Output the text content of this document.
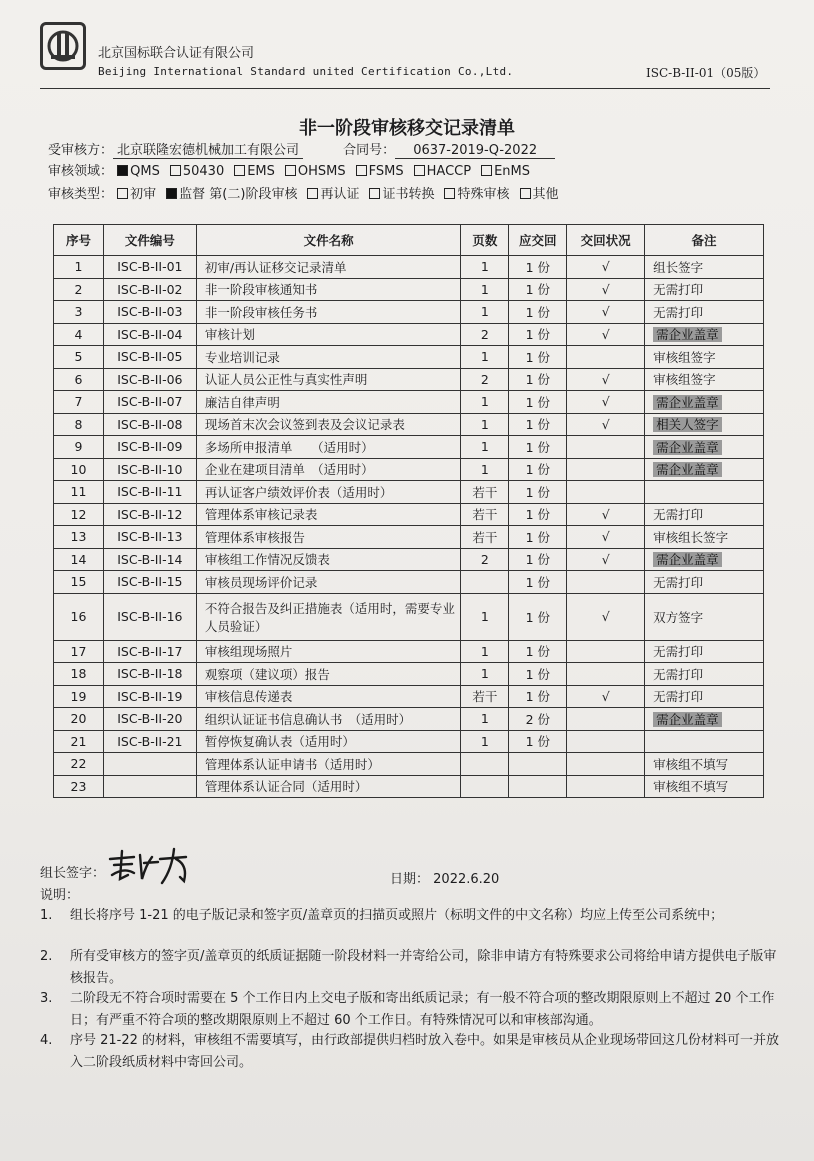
北京国标联合认证有限公司
Beijing International Standard united Certification Co.,Ltd.	ISC-B-II-01（05版）
非一阶段审核移交记录清单
受审核方： 北京联隆宏德机械加工有限公司	合同号： 0637-2019-Q-2022
审核领域： QMS 50430 EMS OHSMS FSMS HACCP EnMS
审核类型： 初审 监督 第(二)阶段审核 再认证 证书转换 特殊审核 其他
序号	文件编号	文件名称	页数	应交回	交回状况	备注
1	ISC-B-II-01	初审/再认证移交记录清单	1	1 份	√	组长签字
2	ISC-B-II-02	非一阶段审核通知书	1	1 份	√	无需打印
3	ISC-B-II-03	非一阶段审核任务书	1	1 份	√	无需打印
4	ISC-B-II-04	审核计划	2	1 份	√	需企业盖章
5	ISC-B-II-05	专业培训记录	1	1 份		审核组签字
6	ISC-B-II-06	认证人员公正性与真实性声明	2	1 份	√	审核组签字
7	ISC-B-II-07	廉洁自律声明	1	1 份	√	需企业盖章
8	ISC-B-II-08	现场首末次会议签到表及会议记录表	1	1 份	√	相关人签字
9	ISC-B-II-09	多场所申报清单　　（适用时）	1	1 份		需企业盖章
10	ISC-B-II-10	企业在建项目清单　（适用时）	1	1 份		需企业盖章
11	ISC-B-II-11	再认证客户绩效评价表（适用时）	若干	1 份		
12	ISC-B-II-12	管理体系审核记录表	若干	1 份	√	无需打印
13	ISC-B-II-13	管理体系审核报告	若干	1 份	√	审核组长签字
14	ISC-B-II-14	审核组工作情况反馈表	2	1 份	√	需企业盖章
15	ISC-B-II-15	审核员现场评价记录		1 份		无需打印
16	ISC-B-II-16	不符合报告及纠正措施表（适用时，需要专业人员验证）	1	1 份	√	双方签字
17	ISC-B-II-17	审核组现场照片	1	1 份		无需打印
18	ISC-B-II-18	观察项（建议项）报告	1	1 份		无需打印
19	ISC-B-II-19	审核信息传递表	若干	1 份	√	无需打印
20	ISC-B-II-20	组织认证证书信息确认书　（适用时）	1	2 份		需企业盖章
21	ISC-B-II-21	暂停恢复确认表（适用时）	1	1 份		
22		管理体系认证申请书（适用时）				审核组不填写
23		管理体系认证合同（适用时）				审核组不填写
组长签字：	日期： 2022.6.20
说明：
1. 组长将序号 1-21 的电子版记录和签字页/盖章页的扫描页或照片（标明文件的中文名称）均应上传至公司系统中；
2. 所有受审核方的签字页/盖章页的纸质证据随一阶段材料一并寄给公司，除非申请方有特殊要求公司将给申请方提供电子版审核报告。
3. 二阶段无不符合项时需要在 5 个工作日内上交电子版和寄出纸质记录；有一般不符合项的整改期限原则上不超过 20 个工作日；有严重不符合项的整改期限原则上不超过 60 个工作日。有特殊情况可以和审核部沟通。
4. 序号 21-22 的材料，审核组不需要填写，由行政部提供归档时放入卷中。如果是审核员从企业现场带回这几份材料可一并放入二阶段纸质材料中寄回公司。
